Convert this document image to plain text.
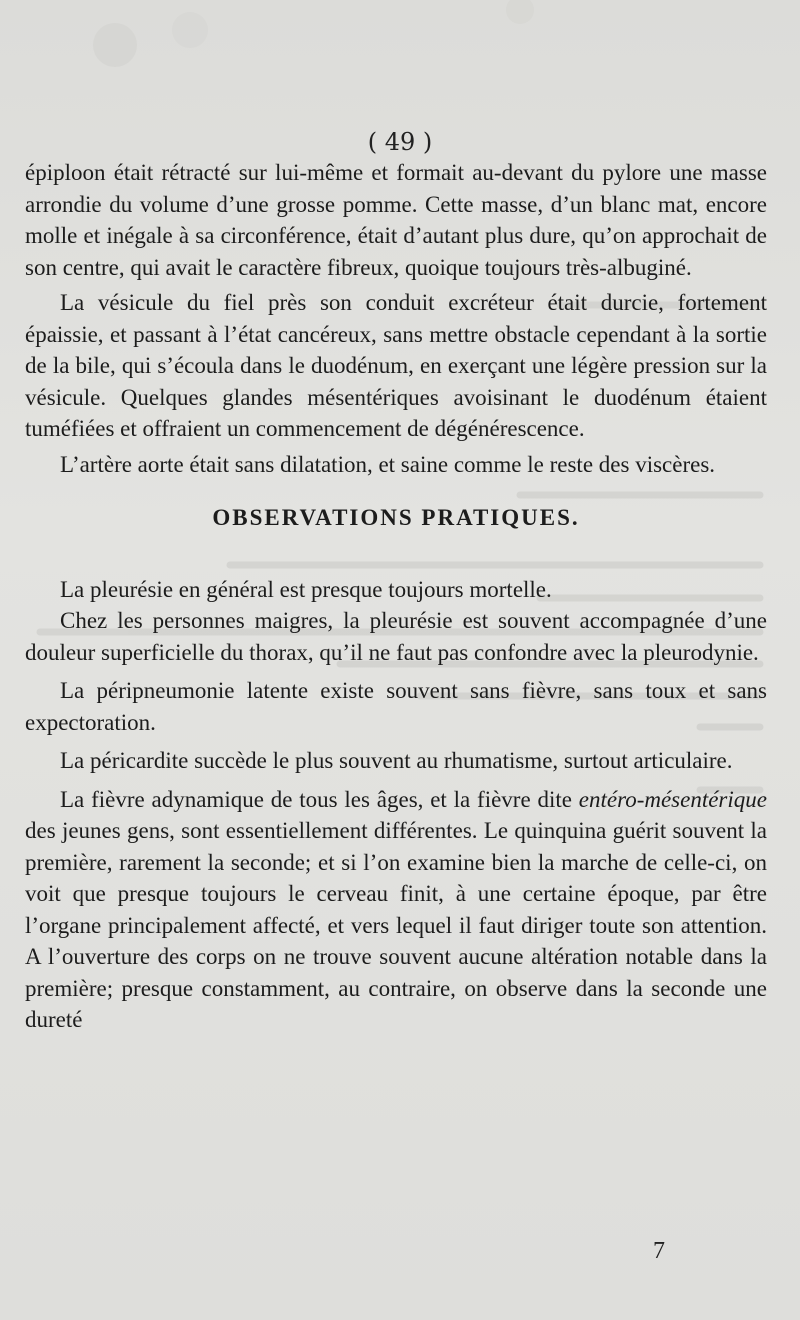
( 49 )

épiploon était rétracté sur lui-même et formait au-devant du pylore une masse arrondie du volume d’une grosse pomme. Cette masse, d’un blanc mat, encore molle et inégale à sa circonférence, était d’autant plus dure, qu’on approchait de son centre, qui avait le caractère fibreux, quoique toujours très-albuginé.

La vésicule du fiel près son conduit excréteur était durcie, fortement épaissie, et passant à l’état cancéreux, sans mettre obstacle cependant à la sortie de la bile, qui s’écoula dans le duodénum, en exerçant une légère pression sur la vésicule. Quelques glandes mésentériques avoisinant le duodénum étaient tuméfiées et offraient un commencement de dégénérescence.

L’artère aorte était sans dilatation, et saine comme le reste des viscères.

OBSERVATIONS PRATIQUES.

La pleurésie en général est presque toujours mortelle.

Chez les personnes maigres, la pleurésie est souvent accompagnée d’une douleur superficielle du thorax, qu’il ne faut pas confondre avec la pleurodynie.

La péripneumonie latente existe souvent sans fièvre, sans toux et sans expectoration.

La péricardite succède le plus souvent au rhumatisme, surtout articulaire.

La fièvre adynamique de tous les âges, et la fièvre dite entéro-mésentérique des jeunes gens, sont essentiellement différentes. Le quinquina guérit souvent la première, rarement la seconde; et si l’on examine bien la marche de celle-ci, on voit que presque toujours le cerveau finit, à une certaine époque, par être l’organe principalement affecté, et vers lequel il faut diriger toute son attention. A l’ouverture des corps on ne trouve souvent aucune altération notable dans la première; presque constamment, au contraire, on observe dans la seconde une dureté

7
